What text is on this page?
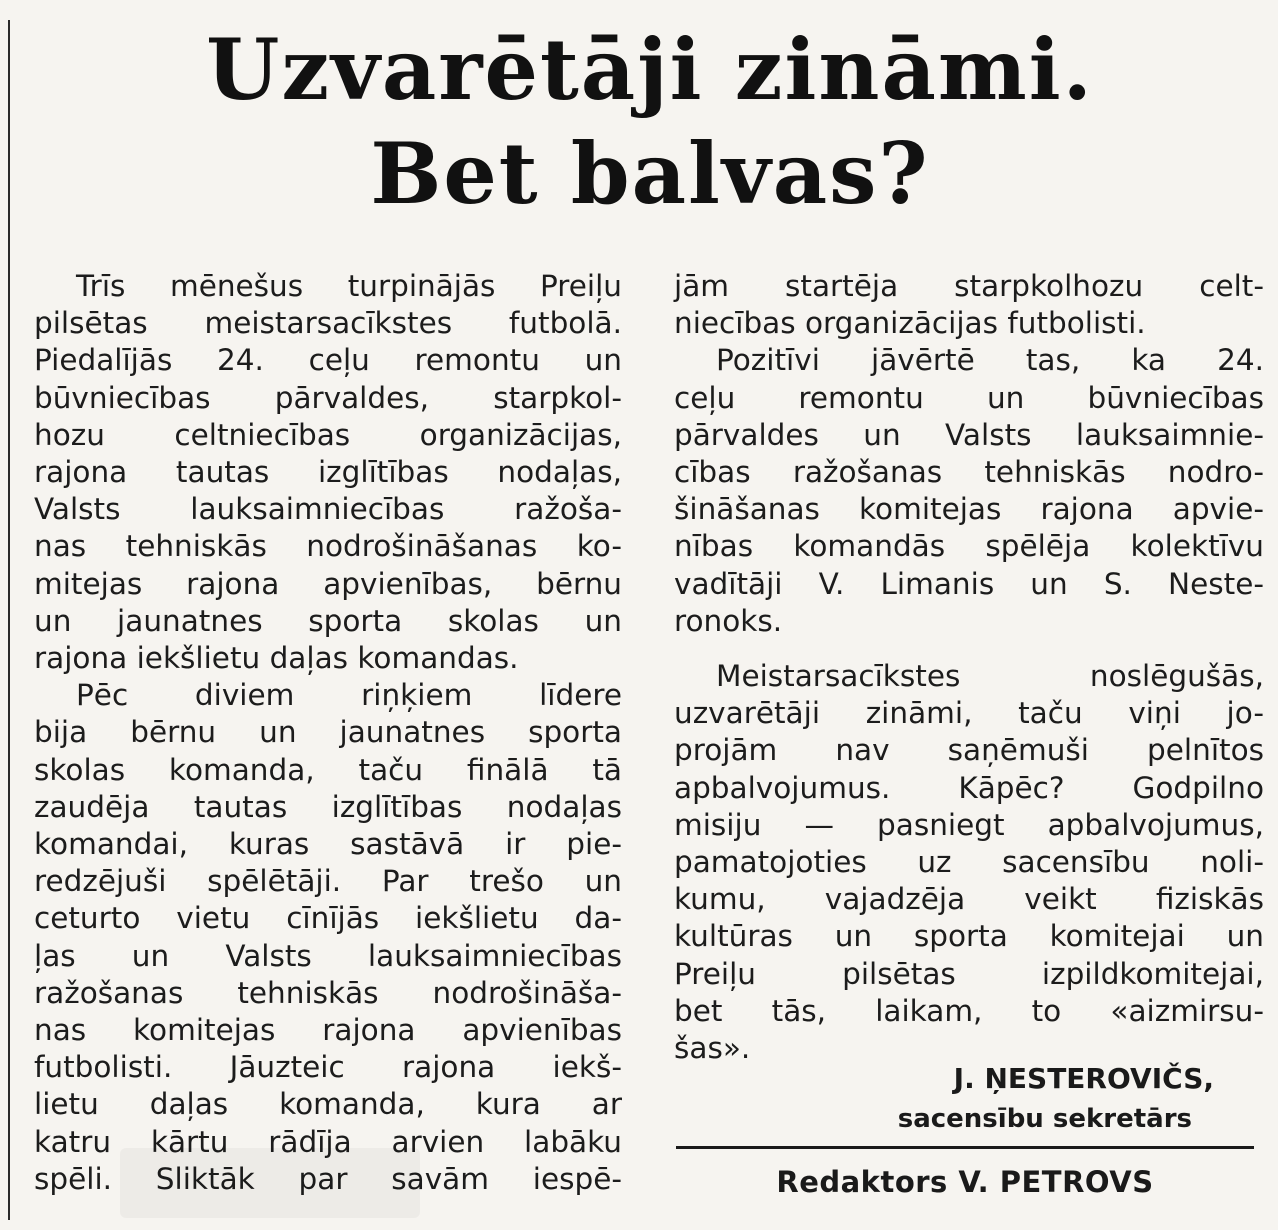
Uzvarētāji zināmi.
Bet balvas?

Trīs mēnešus turpinājās Preiļu

pilsētas meistarsacīkstes futbolā.

Piedalījās 24. ceļu remontu un

būvniecības pārvaldes, starpkol-

hozu celtniecības organizācijas,

rajona tautas izglītības nodaļas,

Valsts lauksaimniecības ražoša-

nas tehniskās nodrošināšanas ko-

mitejas rajona apvienības, bērnu

un jaunatnes sporta skolas un

rajona iekšlietu daļas komandas.

Pēc diviem riņķiem līdere

bija bērnu un jaunatnes sporta

skolas komanda, taču finālā tā

zaudēja tautas izglītības nodaļas

komandai, kuras sastāvā ir pie-

redzējuši spēlētāji. Par trešo un

ceturto vietu cīnījās iekšlietu da-

ļas un Valsts lauksaimniecības

ražošanas tehniskās nodrošināša-

nas komitejas rajona apvienības

futbolisti. Jāuzteic rajona iekš-

lietu daļas komanda, kura ar

katru kārtu rādīja arvien labāku

spēli. Sliktāk par savām iespē-

jām startēja starpkolhozu celt-

niecības organizācijas futbolisti.

Pozitīvi jāvērtē tas, ka 24.

ceļu remontu un būvniecības

pārvaldes un Valsts lauksaimnie-

cības ražošanas tehniskās nodro-

šināšanas komitejas rajona apvie-

nības komandās spēlēja kolektīvu

vadītāji V. Limanis un S. Neste-

ronoks.

Meistarsacīkstes noslēgušās,

uzvarētāji zināmi, taču viņi jo-

projām nav saņēmuši pelnītos

apbalvojumus. Kāpēc? Godpilno

misiju — pasniegt apbalvojumus,

pamatojoties uz sacensību noli-

kumu, vajadzēja veikt fiziskās

kultūras un sporta komitejai un

Preiļu pilsētas izpildkomitejai,

bet tās, laikam, to «aizmirsu-

šas».

J. ŅESTEROVIČS,
sacensību sekretārs
Redaktors V. PETROVS
